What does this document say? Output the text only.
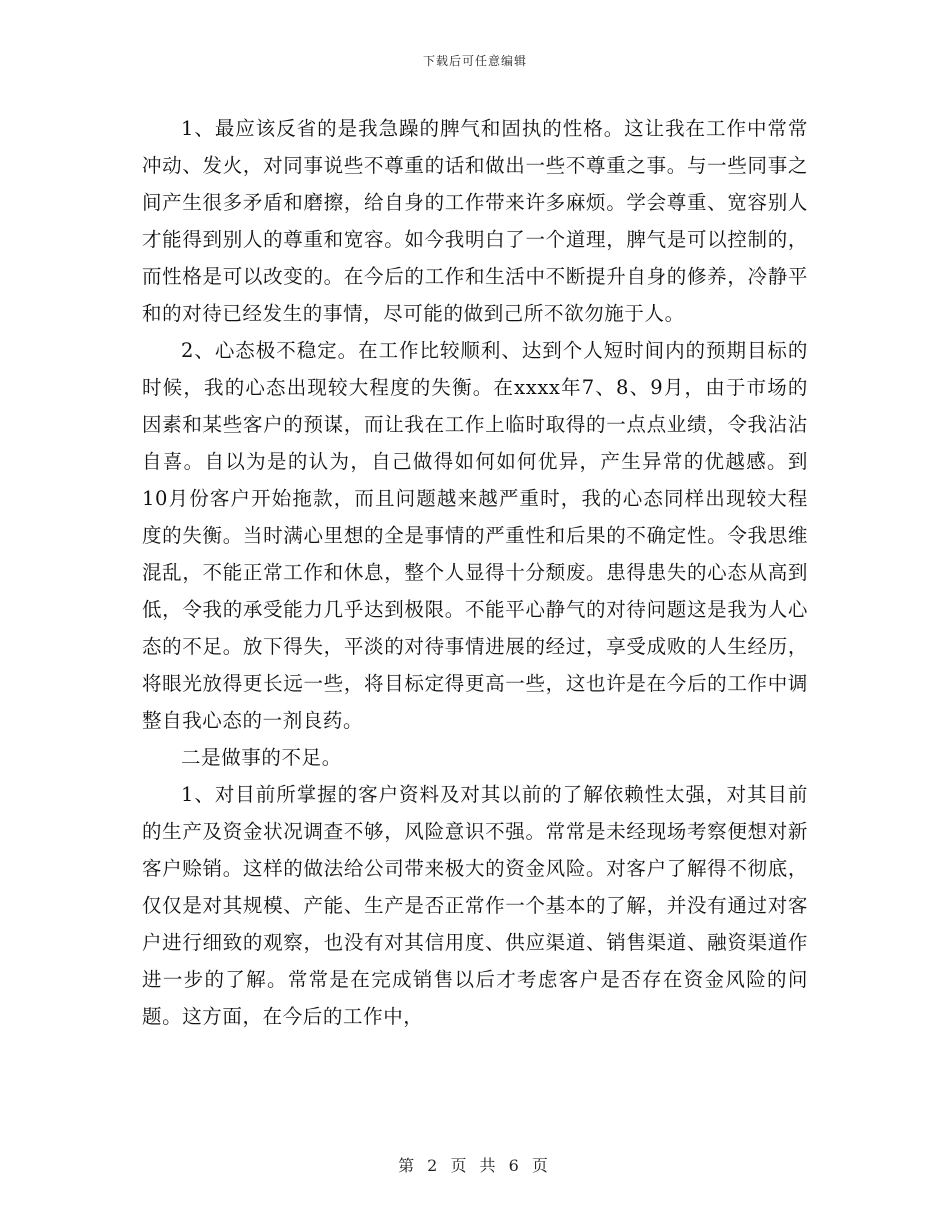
下载后可任意编辑

1、最应该反省的是我急躁的脾气和固执的性格。这让我在工作中常常冲动、发火，对同事说些不尊重的话和做出一些不尊重之事。与一些同事之间产生很多矛盾和磨擦，给自身的工作带来许多麻烦。学会尊重、宽容别人才能得到别人的尊重和宽容。如今我明白了一个道理，脾气是可以控制的，而性格是可以改变的。在今后的工作和生活中不断提升自身的修养，冷静平和的对待已经发生的事情，尽可能的做到己所不欲勿施于人。

2、心态极不稳定。在工作比较顺利、达到个人短时间内的预期目标的时候，我的心态出现较大程度的失衡。在xxxx年7、8、9月，由于市场的因素和某些客户的预谋，而让我在工作上临时取得的一点点业绩，令我沾沾自喜。自以为是的认为，自己做得如何如何优异，产生异常的优越感。到10月份客户开始拖款，而且问题越来越严重时，我的心态同样出现较大程度的失衡。当时满心里想的全是事情的严重性和后果的不确定性。令我思维混乱，不能正常工作和休息，整个人显得十分颓废。患得患失的心态从高到低，令我的承受能力几乎达到极限。不能平心静气的对待问题这是我为人心态的不足。放下得失，平淡的对待事情进展的经过，享受成败的人生经历，将眼光放得更长远一些，将目标定得更高一些，这也许是在今后的工作中调整自我心态的一剂良药。

二是做事的不足。

1、对目前所掌握的客户资料及对其以前的了解依赖性太强，对其目前的生产及资金状况调查不够，风险意识不强。常常是未经现场考察便想对新客户赊销。这样的做法给公司带来极大的资金风险。对客户了解得不彻底，仅仅是对其规模、产能、生产是否正常作一个基本的了解，并没有通过对客户进行细致的观察，也没有对其信用度、供应渠道、销售渠道、融资渠道作进一步的了解。常常是在完成销售以后才考虑客户是否存在资金风险的问题。这方面，在今后的工作中，

第 2 页 共 6 页
